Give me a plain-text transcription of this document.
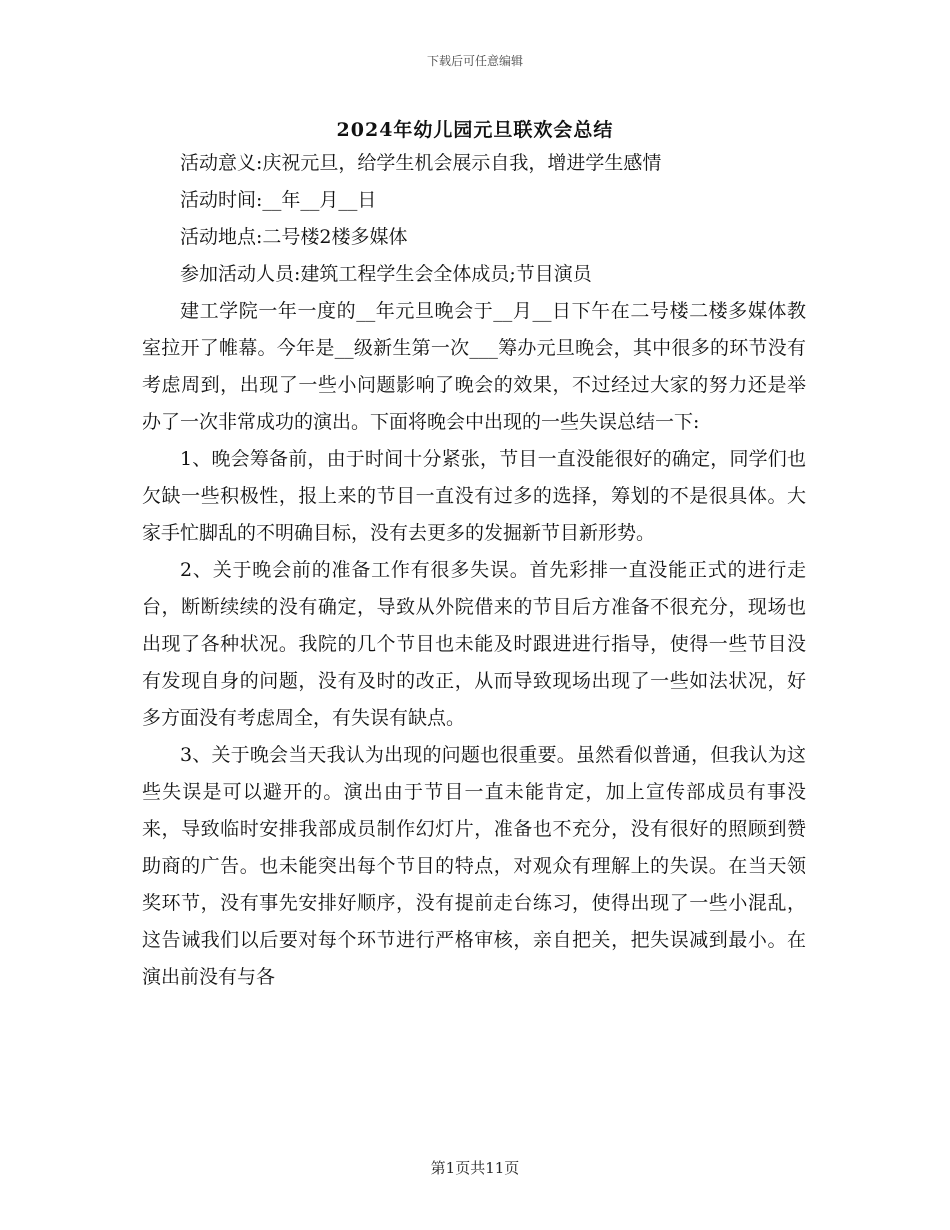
下载后可任意编辑
2024年幼儿园元旦联欢会总结

活动意义:庆祝元旦，给学生机会展示自我，增进学生感情

活动时间:__年__月__日

活动地点:二号楼2楼多媒体

参加活动人员:建筑工程学生会全体成员;节目演员

建工学院一年一度的__年元旦晚会于__月__日下午在二号楼二楼多媒体教室拉开了帷幕。今年是__级新生第一次___筹办元旦晚会，其中很多的环节没有考虑周到，出现了一些小问题影响了晚会的效果，不过经过大家的努力还是举办了一次非常成功的演出。下面将晚会中出现的一些失误总结一下:

1、晚会筹备前，由于时间十分紧张，节目一直没能很好的确定，同学们也欠缺一些积极性，报上来的节目一直没有过多的选择，筹划的不是很具体。大家手忙脚乱的不明确目标，没有去更多的发掘新节目新形势。

2、关于晚会前的准备工作有很多失误。首先彩排一直没能正式的进行走台，断断续续的没有确定，导致从外院借来的节目后方准备不很充分，现场也出现了各种状况。我院的几个节目也未能及时跟进进行指导，使得一些节目没有发现自身的问题，没有及时的改正，从而导致现场出现了一些如法状况，好多方面没有考虑周全，有失误有缺点。

3、关于晚会当天我认为出现的问题也很重要。虽然看似普通，但我认为这些失误是可以避开的。演出由于节目一直未能肯定，加上宣传部成员有事没来，导致临时安排我部成员制作幻灯片，准备也不充分，没有很好的照顾到赞助商的广告。也未能突出每个节目的特点，对观众有理解上的失误。在当天领奖环节，没有事先安排好顺序，没有提前走台练习，使得出现了一些小混乱，这告诫我们以后要对每个环节进行严格审核，亲自把关，把失误减到最小。在演出前没有与各

第1页共11页
